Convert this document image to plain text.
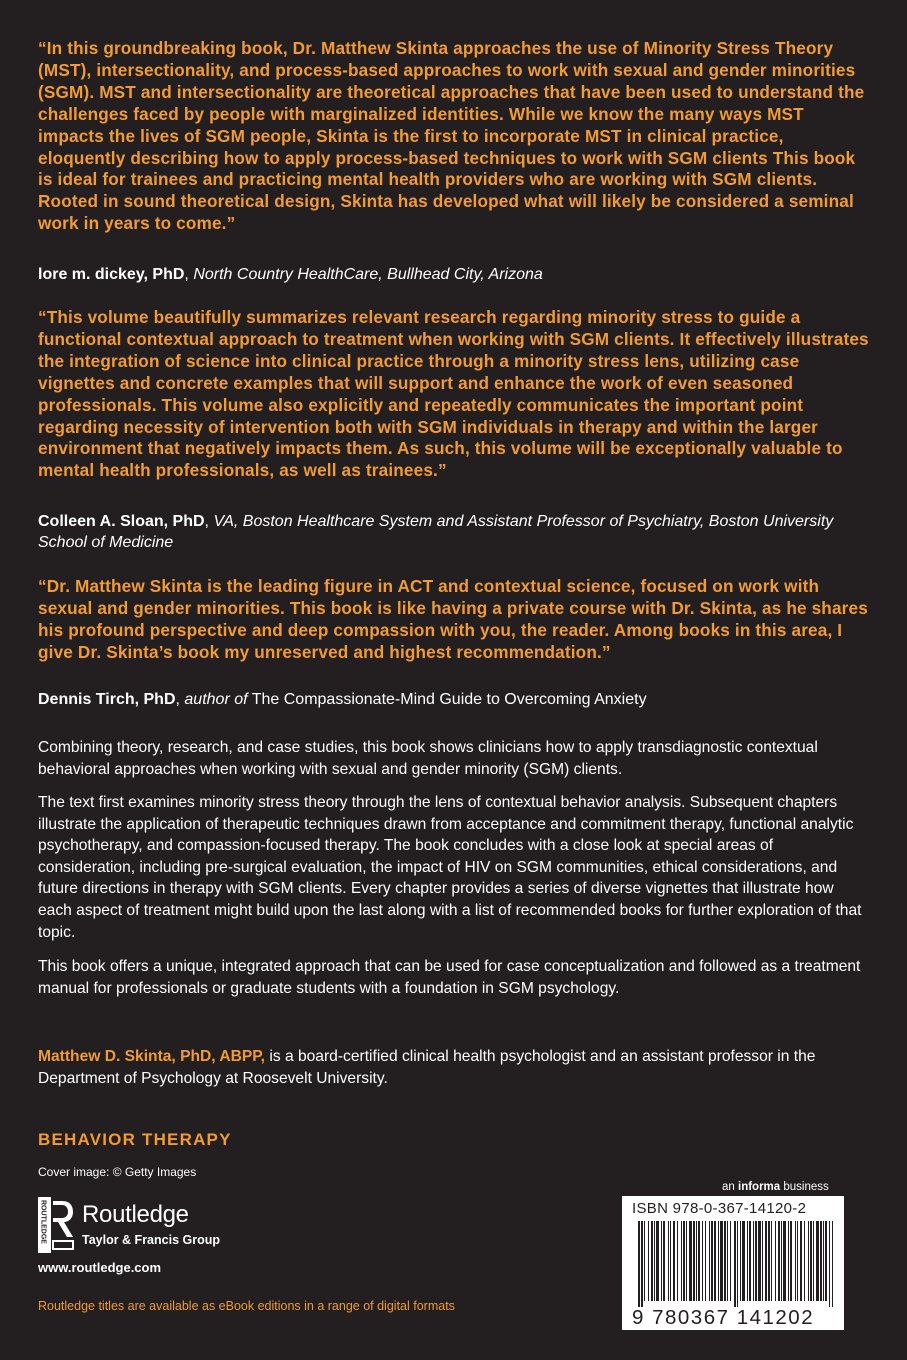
“In this groundbreaking book, Dr. Matthew Skinta approaches the use of Minority Stress Theory (MST), intersectionality, and process-based approaches to work with sexual and gender minorities (SGM). MST and intersectionality are theoretical approaches that have been used to understand the challenges faced by people with marginalized identities. While we know the many ways MST impacts the lives of SGM people, Skinta is the first to incorporate MST in clinical practice, eloquently describing how to apply process-based techniques to work with SGM clients This book is ideal for trainees and practicing mental health providers who are working with SGM clients. Rooted in sound theoretical design, Skinta has developed what will likely be considered a seminal work in years to come.”

lore m. dickey, PhD, North Country HealthCare, Bullhead City, Arizona

“This volume beautifully summarizes relevant research regarding minority stress to guide a functional contextual approach to treatment when working with SGM clients. It effectively illustrates the integration of science into clinical practice through a minority stress lens, utilizing case vignettes and concrete examples that will support and enhance the work of even seasoned professionals. This volume also explicitly and repeatedly communicates the important point regarding necessity of intervention both with SGM individuals in therapy and within the larger environment that negatively impacts them. As such, this volume will be exceptionally valuable to mental health professionals, as well as trainees.”

Colleen A. Sloan, PhD, VA, Boston Healthcare System and Assistant Professor of Psychiatry, Boston University School of Medicine

“Dr. Matthew Skinta is the leading figure in ACT and contextual science, focused on work with sexual and gender minorities. This book is like having a private course with Dr. Skinta, as he shares his profound perspective and deep compassion with you, the reader. Among books in this area, I give Dr. Skinta’s book my unreserved and highest recommendation.”

Dennis Tirch, PhD, author of The Compassionate-Mind Guide to Overcoming Anxiety

Combining theory, research, and case studies, this book shows clinicians how to apply transdiagnostic contextual behavioral approaches when working with sexual and gender minority (SGM) clients.

The text first examines minority stress theory through the lens of contextual behavior analysis. Subsequent chapters illustrate the application of therapeutic techniques drawn from acceptance and commitment therapy, functional analytic psychotherapy, and compassion-focused therapy. The book concludes with a close look at special areas of consideration, including pre-surgical evaluation, the impact of HIV on SGM communities, ethical considerations, and future directions in therapy with SGM clients. Every chapter provides a series of diverse vignettes that illustrate how each aspect of treatment might build upon the last along with a list of recommended books for further exploration of that topic.

This book offers a unique, integrated approach that can be used for case conceptualization and followed as a treatment manual for professionals or graduate students with a foundation in SGM psychology.

Matthew D. Skinta, PhD, ABPP, is a board-certified clinical health psychologist and an assistant professor in the Department of Psychology at Roosevelt University.

BEHAVIOR THERAPY
Cover image: © Getty Images
ROUTLEDGE Routledge
Taylor & Francis Group
www.routledge.com
Routledge titles are available as eBook editions in a range of digital formats
an informa business
ISBN 978-0-367-14120-2
9 780367 141202
